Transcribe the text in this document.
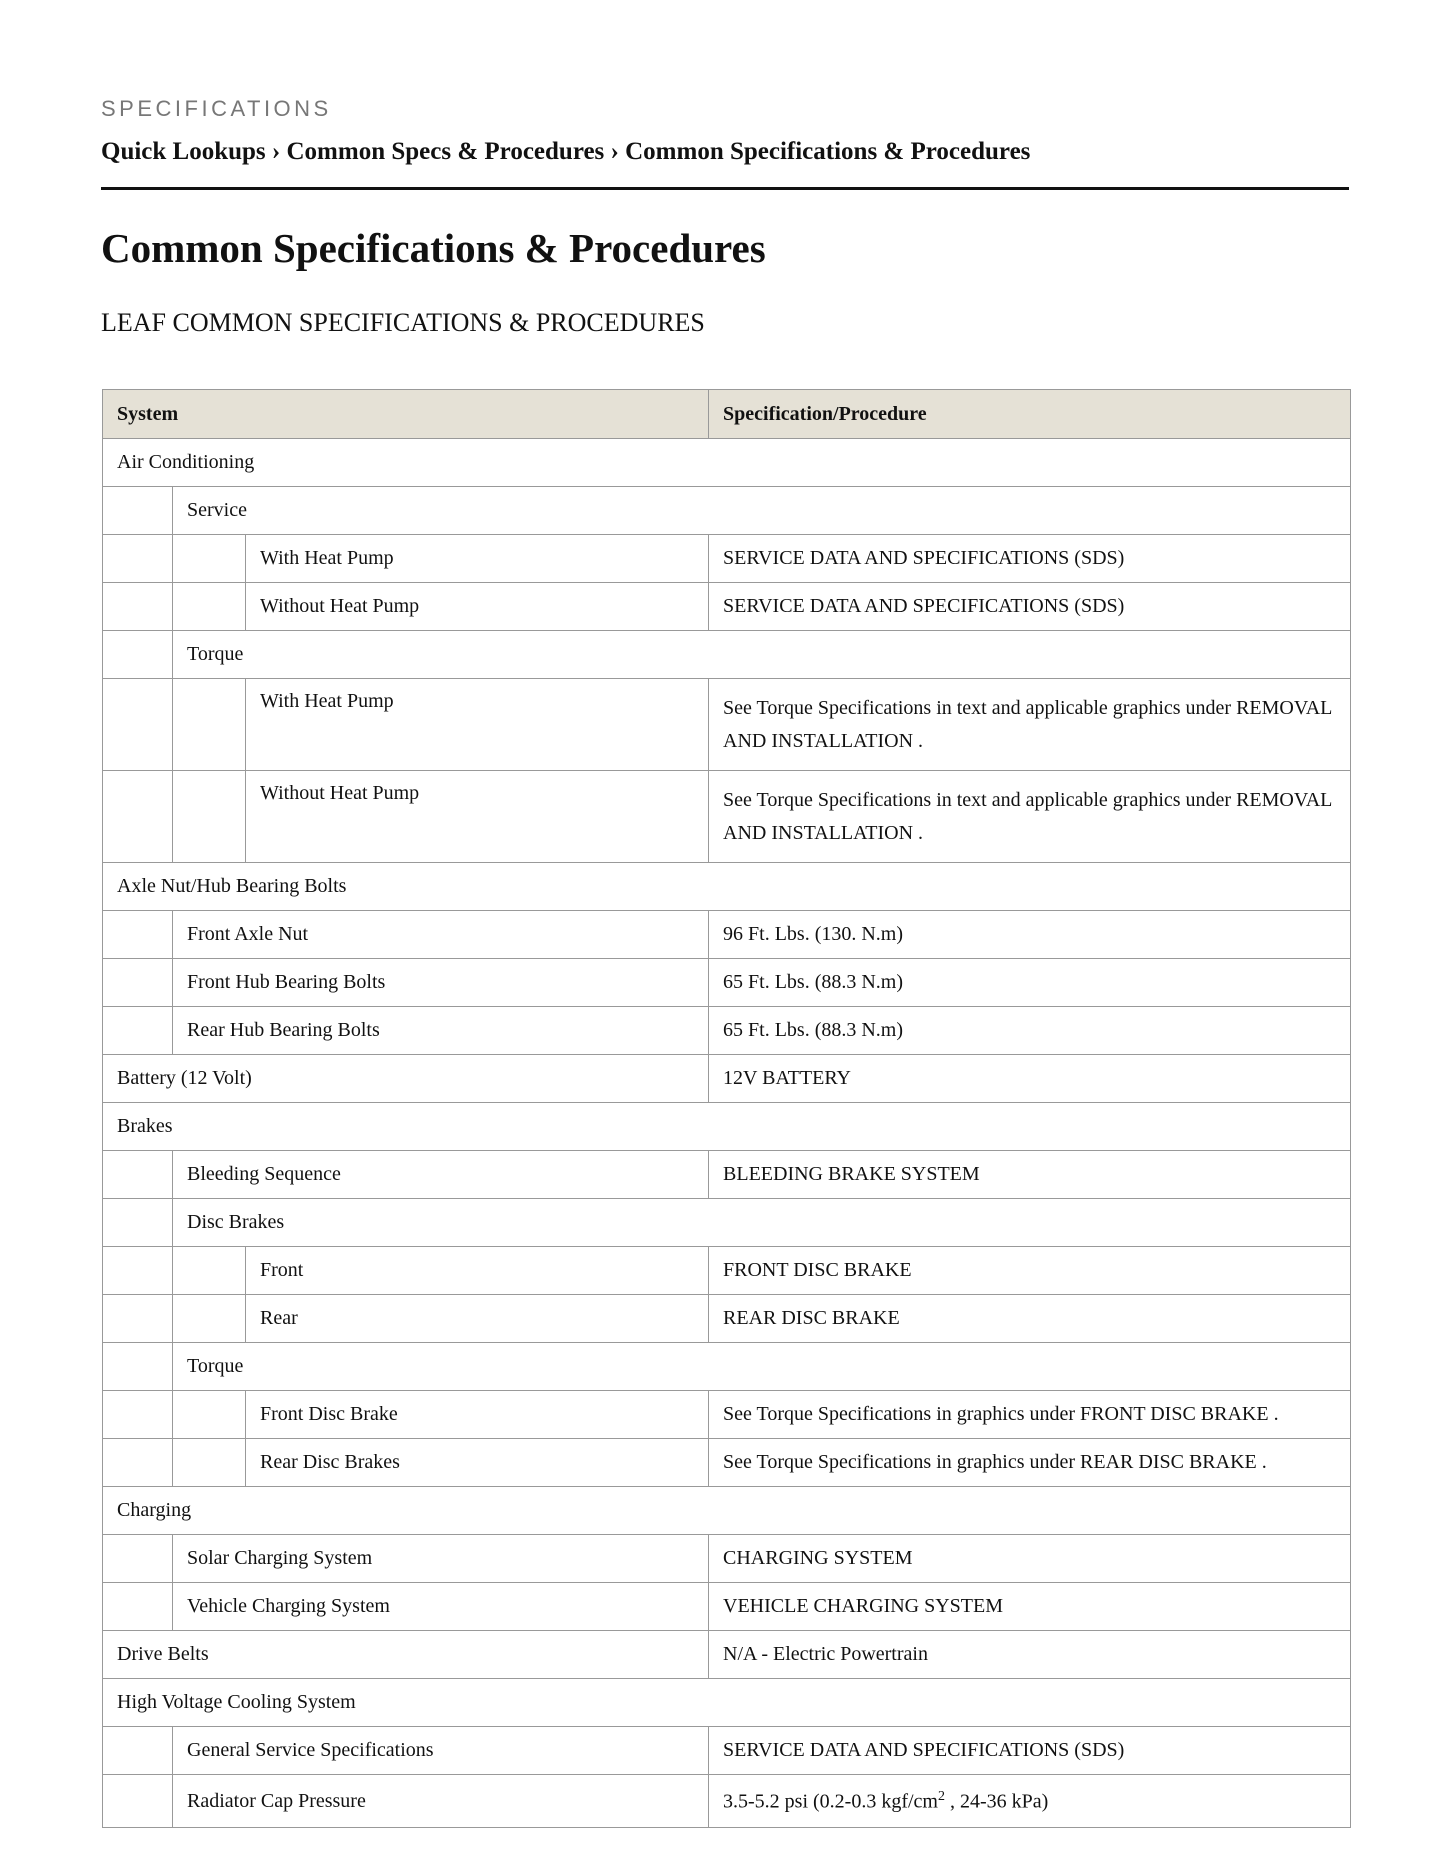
SPECIFICATIONS
Quick Lookups › Common Specs & Procedures › Common Specifications & Procedures
Common Specifications & Procedures
LEAF COMMON SPECIFICATIONS & PROCEDURES
System			Specification/Procedure
Air Conditioning			
	Service		
		With Heat Pump	SERVICE DATA AND SPECIFICATIONS (SDS)
		Without Heat Pump	SERVICE DATA AND SPECIFICATIONS (SDS)
	Torque		
		With Heat Pump	See Torque Specifications in text and applicable graphics under REMOVAL AND INSTALLATION .
		Without Heat Pump	See Torque Specifications in text and applicable graphics under REMOVAL AND INSTALLATION .
Axle Nut/Hub Bearing Bolts			
	Front Axle Nut		96 Ft. Lbs. (130. N.m)
	Front Hub Bearing Bolts		65 Ft. Lbs. (88.3 N.m)
	Rear Hub Bearing Bolts		65 Ft. Lbs. (88.3 N.m)
Battery (12 Volt)			12V BATTERY
Brakes			
	Bleeding Sequence		BLEEDING BRAKE SYSTEM
	Disc Brakes		
		Front	FRONT DISC BRAKE
		Rear	REAR DISC BRAKE
	Torque		
		Front Disc Brake	See Torque Specifications in graphics under FRONT DISC BRAKE .
		Rear Disc Brakes	See Torque Specifications in graphics under REAR DISC BRAKE .
Charging			
	Solar Charging System		CHARGING SYSTEM
	Vehicle Charging System		VEHICLE CHARGING SYSTEM
Drive Belts			N/A - Electric Powertrain
High Voltage Cooling System			
	General Service Specifications		SERVICE DATA AND SPECIFICATIONS (SDS)
	Radiator Cap Pressure		3.5-5.2 psi (0.2-0.3 kgf/$cm^2$ , 24-36 kPa)
